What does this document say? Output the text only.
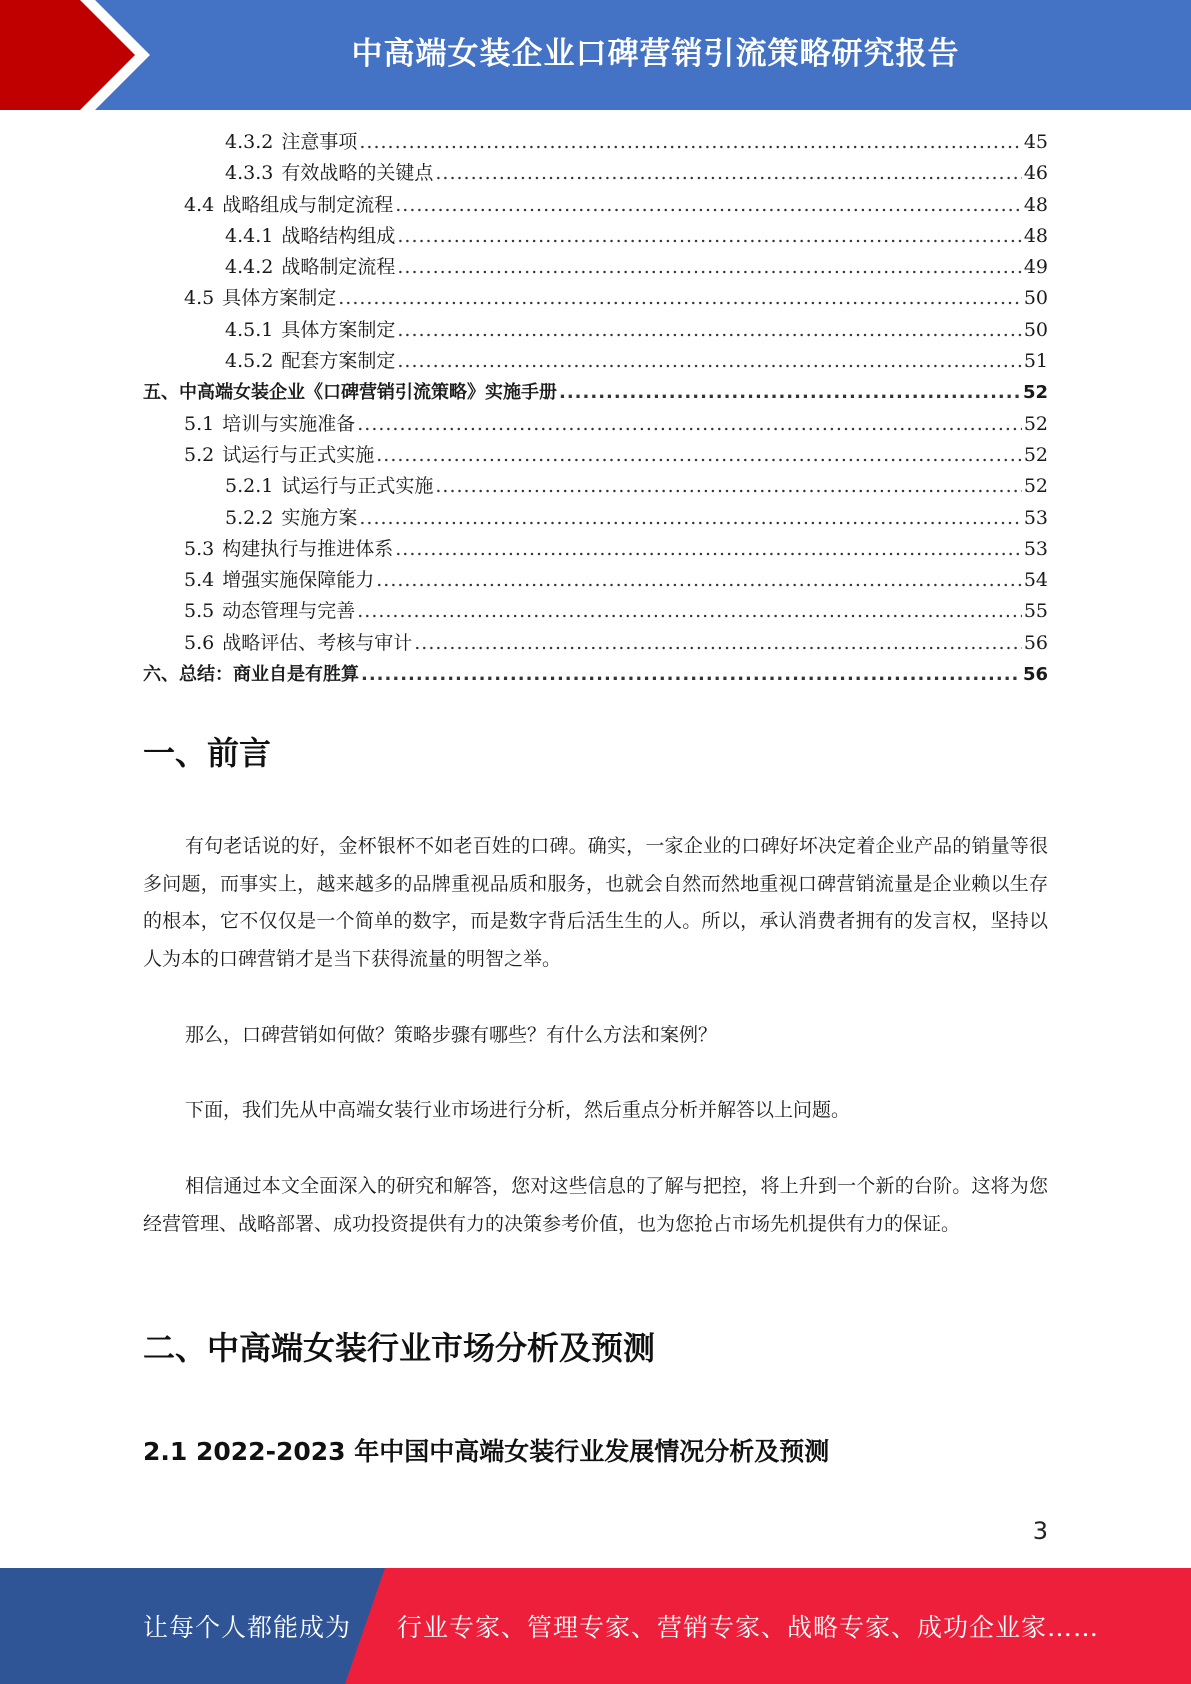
中高端女装企业口碑营销引流策略研究报告
4.3.2 注意事项 .....	45
4.3.3 有效战略的关键点 .....	46
4.4 战略组成与制定流程 .....	48
4.4.1 战略结构组成 .....	48
4.4.2 战略制定流程 .....	49
4.5 具体方案制定 .....	50
4.5.1 具体方案制定 .....	50
4.5.2 配套方案制定 .....	51
五、中高端女装企业《口碑营销引流策略》实施手册 .....	52
5.1 培训与实施准备 .....	52
5.2 试运行与正式实施 .....	52
5.2.1 试运行与正式实施 .....	52
5.2.2 实施方案 .....	53
5.3 构建执行与推进体系 .....	53
5.4 增强实施保障能力 .....	54
5.5 动态管理与完善 .....	55
5.6 战略评估、考核与审计 .....	56
六、总结：商业自是有胜算 .....	56
一、前言

有句老话说的好，金杯银杯不如老百姓的口碑。确实，一家企业的口碑好坏决定着企业产品的销量等很多问题，而事实上，越来越多的品牌重视品质和服务，也就会自然而然地重视口碑营销流量是企业赖以生存的根本，它不仅仅是一个简单的数字，而是数字背后活生生的人。所以，承认消费者拥有的发言权，坚持以人为本的口碑营销才是当下获得流量的明智之举。

那么，口碑营销如何做？策略步骤有哪些？有什么方法和案例？

下面，我们先从中高端女装行业市场进行分析，然后重点分析并解答以上问题。

相信通过本文全面深入的研究和解答，您对这些信息的了解与把控，将上升到一个新的台阶。这将为您经营管理、战略部署、成功投资提供有力的决策参考价值，也为您抢占市场先机提供有力的保证。

二、中高端女装行业市场分析及预测
2.1 2022-2023 年中国中高端女装行业发展情况分析及预测
3
让每个人都能成为 行业专家、管理专家、营销专家、战略专家、成功企业家……
